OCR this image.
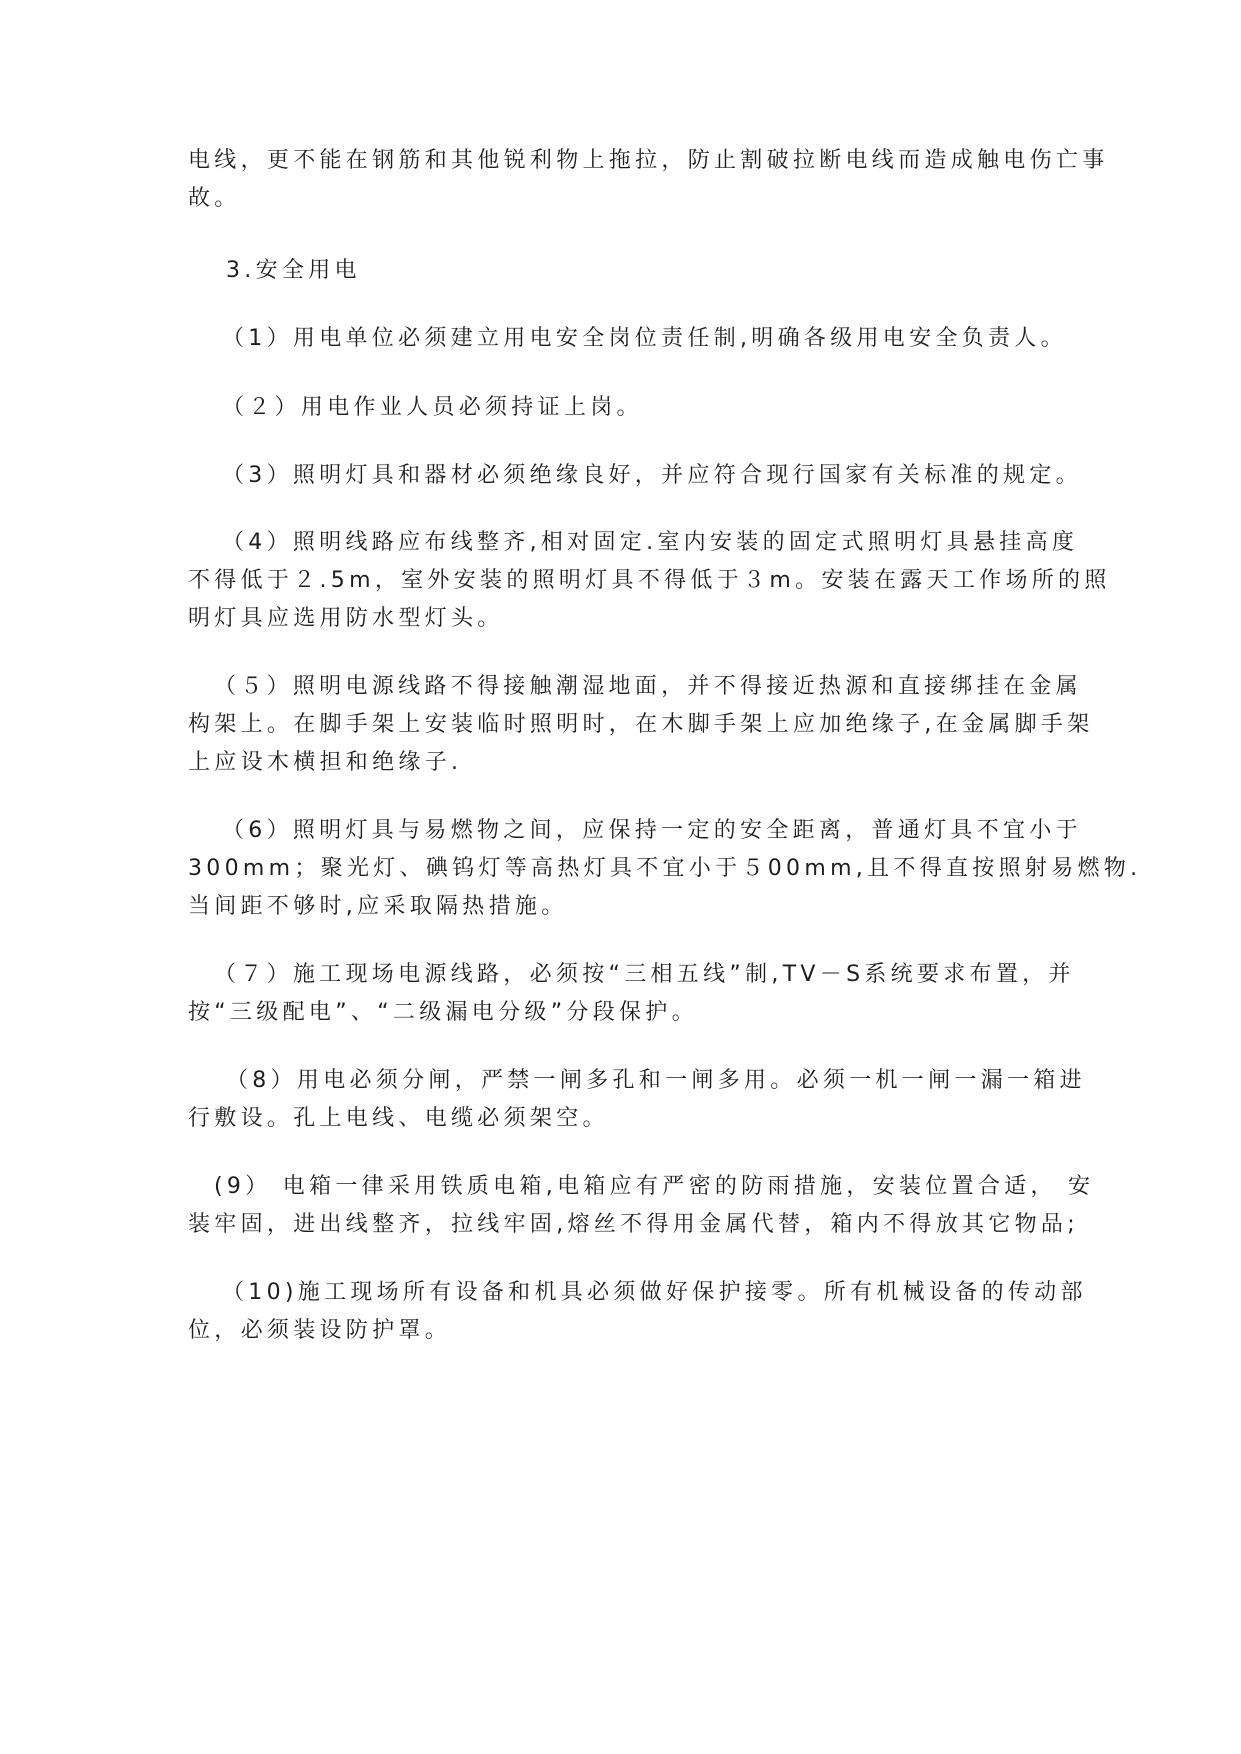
电线，更不能在钢筋和其他锐利物上拖拉，防止割破拉断电线而造成触电伤亡事
故。
3.安全用电
（1）用电单位必须建立用电安全岗位责任制,明确各级用电安全负责人。
（２）用电作业人员必须持证上岗。
（3）照明灯具和器材必须绝缘良好，并应符合现行国家有关标准的规定。
（4）照明线路应布线整齐,相对固定.室内安装的固定式照明灯具悬挂高度
不得低于２.5m，室外安装的照明灯具不得低于３m。安装在露天工作场所的照
明灯具应选用防水型灯头。
（５）照明电源线路不得接触潮湿地面，并不得接近热源和直接绑挂在金属
构架上。在脚手架上安装临时照明时，在木脚手架上应加绝缘子,在金属脚手架
上应设木横担和绝缘子.
（6）照明灯具与易燃物之间，应保持一定的安全距离，普通灯具不宜小于
300mm；聚光灯、碘钨灯等高热灯具不宜小于５00mm,且不得直按照射易燃物.
当间距不够时,应采取隔热措施。
（７）施工现场电源线路，必须按“三相五线”制,TV－S系统要求布置，并
按“三级配电”、“二级漏电分级”分段保护。
（8）用电必须分闸，严禁一闸多孔和一闸多用。必须一机一闸一漏一箱进
行敷设。孔上电线、电缆必须架空。
(9） 电箱一律采用铁质电箱,电箱应有严密的防雨措施，安装位置合适， 安
装牢固，进出线整齐，拉线牢固,熔丝不得用金属代替，箱内不得放其它物品;
（10)施工现场所有设备和机具必须做好保护接零。所有机械设备的传动部
位，必须装设防护罩。
